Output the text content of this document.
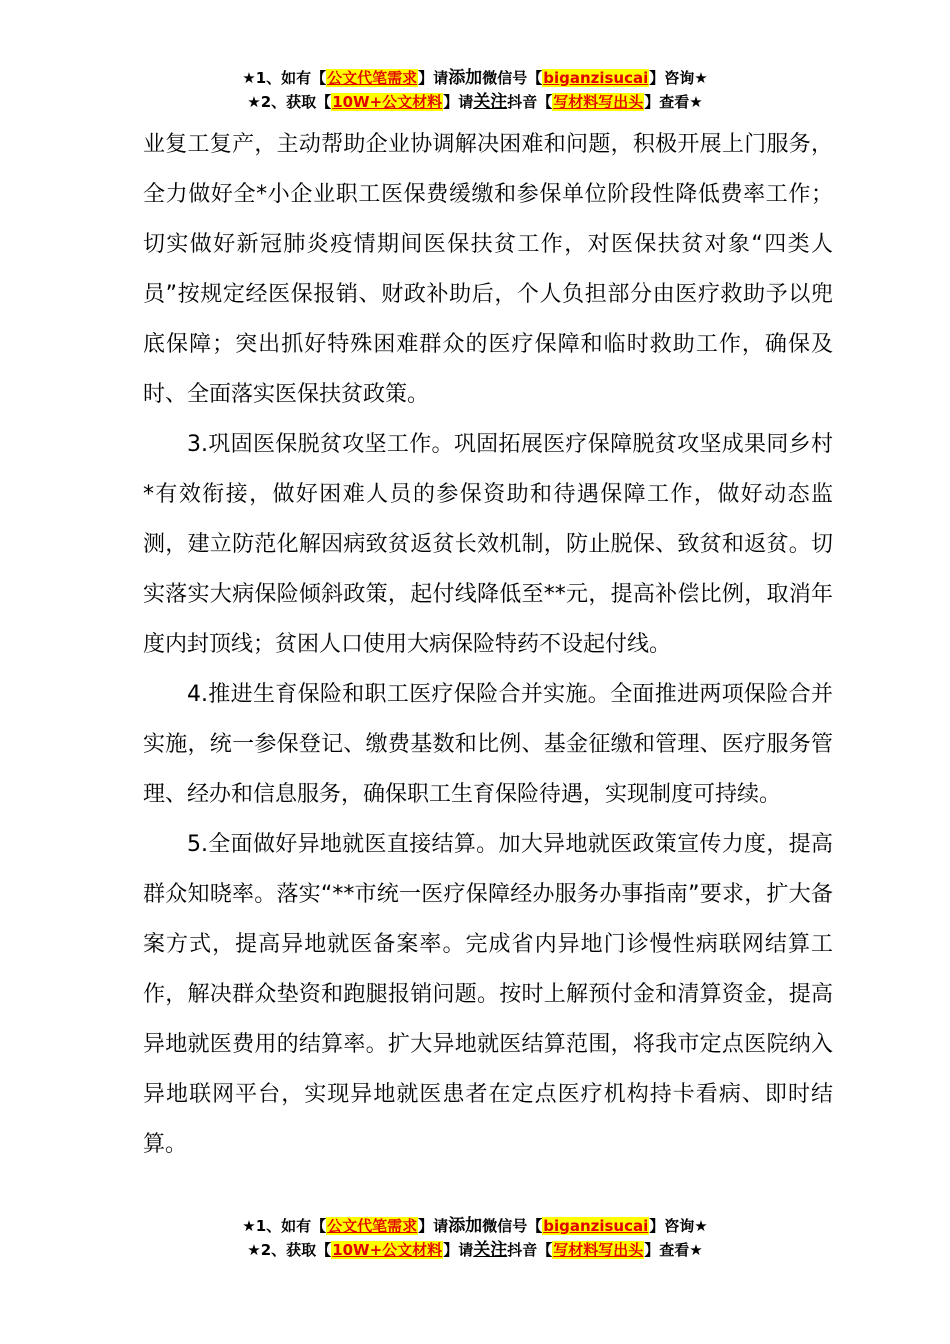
★1、如有【公文代笔需求】请添加微信号【biganzisucai】咨询★
★2、获取【10W+公文材料】请关注抖音【写材料写出头】查看★

业复工复产，主动帮助企业协调解决困难和问题，积极开展上门服务，全力做好全*小企业职工医保费缓缴和参保单位阶段性降低费率工作；切实做好新冠肺炎疫情期间医保扶贫工作，对医保扶贫对象“四类人员”按规定经医保报销、财政补助后，个人负担部分由医疗救助予以兜底保障；突出抓好特殊困难群众的医疗保障和临时救助工作，确保及时、全面落实医保扶贫政策。

3.巩固医保脱贫攻坚工作。巩固拓展医疗保障脱贫攻坚成果同乡村*有效衔接，做好困难人员的参保资助和待遇保障工作，做好动态监测，建立防范化解因病致贫返贫长效机制，防止脱保、致贫和返贫。切实落实大病保险倾斜政策，起付线降低至**元，提高补偿比例，取消年度内封顶线；贫困人口使用大病保险特药不设起付线。

4.推进生育保险和职工医疗保险合并实施。全面推进两项保险合并实施，统一参保登记、缴费基数和比例、基金征缴和管理、医疗服务管理、经办和信息服务，确保职工生育保险待遇，实现制度可持续。

5.全面做好异地就医直接结算。加大异地就医政策宣传力度，提高群众知晓率。落实“**市统一医疗保障经办服务办事指南”要求，扩大备案方式，提高异地就医备案率。完成省内异地门诊慢性病联网结算工作，解决群众垫资和跑腿报销问题。按时上解预付金和清算资金，提高异地就医费用的结算率。扩大异地就医结算范围，将我市定点医院纳入异地联网平台，实现异地就医患者在定点医疗机构持卡看病、即时结算。

★1、如有【公文代笔需求】请添加微信号【biganzisucai】咨询★
★2、获取【10W+公文材料】请关注抖音【写材料写出头】查看★
